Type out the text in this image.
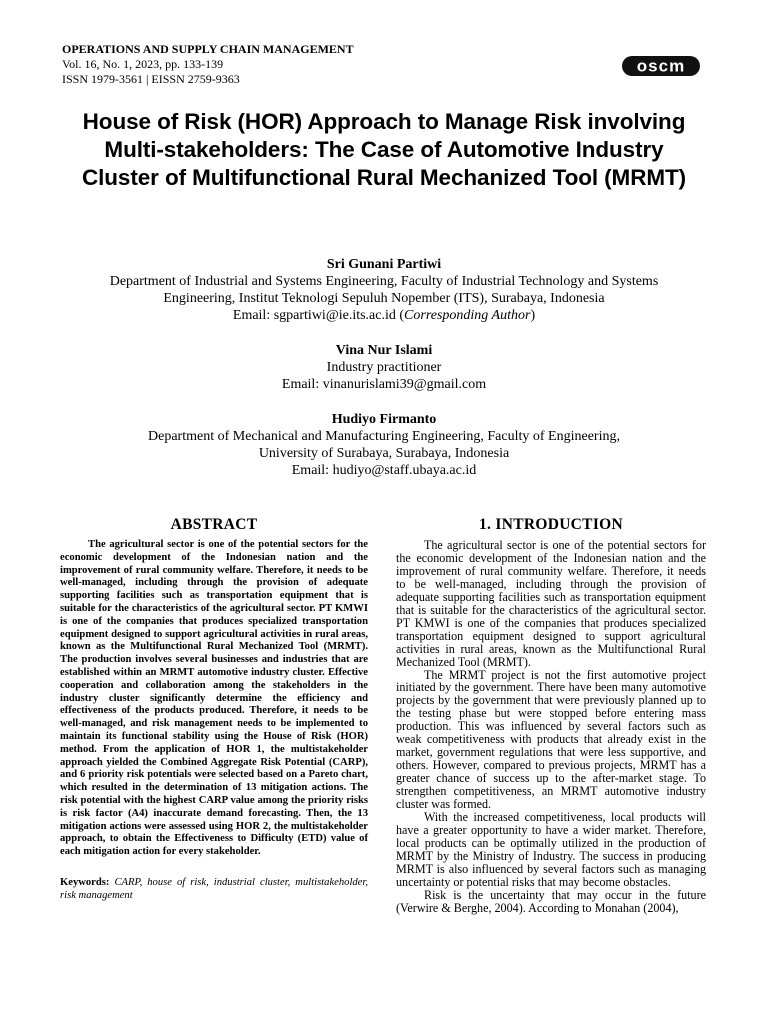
OPERATIONS AND SUPPLY CHAIN MANAGEMENT
Vol. 16, No. 1, 2023, pp. 133-139
ISSN 1979-3561 | EISSN 2759-9363
oscm
House of Risk (HOR) Approach to Manage Risk involving Multi-stakeholders: The Case of Automotive Industry Cluster of Multifunctional Rural Mechanized Tool (MRMT)
Sri Gunani Partiwi
Department of Industrial and Systems Engineering, Faculty of Industrial Technology and Systems
Engineering, Institut Teknologi Sepuluh Nopember (ITS), Surabaya, Indonesia
Email: sgpartiwi@ie.its.ac.id (Corresponding Author)
Vina Nur Islami
Industry practitioner
Email: vinanurislami39@gmail.com
Hudiyo Firmanto
Department of Mechanical and Manufacturing Engineering, Faculty of Engineering,
University of Surabaya, Surabaya, Indonesia
Email: hudiyo@staff.ubaya.ac.id
ABSTRACT

The agricultural sector is one of the potential sectors for the economic development of the Indonesian nation and the improvement of rural community welfare. Therefore, it needs to be well-managed, including through the provision of adequate supporting facilities such as transportation equipment that is suitable for the characteristics of the agricultural sector. PT KMWI is one of the companies that produces specialized transportation equipment designed to support agricultural activities in rural areas, known as the Multifunctional Rural Mechanized Tool (MRMT). The production involves several businesses and industries that are established within an MRMT automotive industry cluster. Effective cooperation and collaboration among the stakeholders in the industry cluster significantly determine the efficiency and effectiveness of the products produced. Therefore, it needs to be well-managed, and risk management needs to be implemented to maintain its functional stability using the House of Risk (HOR) method. From the application of HOR 1, the multistakeholder approach yielded the Combined Aggregate Risk Potential (CARP), and 6 priority risk potentials were selected based on a Pareto chart, which resulted in the determination of 13 mitigation actions. The risk potential with the highest CARP value among the priority risks is risk factor (A4) inaccurate demand forecasting. Then, the 13 mitigation actions were assessed using HOR 2, the multistakeholder approach, to obtain the Effectiveness to Difficulty (ETD) value of each mitigation action for every stakeholder.

Keywords: CARP, house of risk, industrial cluster, multistakeholder, risk management
1. INTRODUCTION

The agricultural sector is one of the potential sectors for the economic development of the Indonesian nation and the improvement of rural community welfare. Therefore, it needs to be well-managed, including through the provision of adequate supporting facilities such as transportation equipment that is suitable for the characteristics of the agricultural sector. PT KMWI is one of the companies that produces specialized transportation equipment designed to support agricultural activities in rural areas, known as the Multifunctional Rural Mechanized Tool (MRMT).

The MRMT project is not the first automotive project initiated by the government. There have been many automotive projects by the government that were previously planned up to the testing phase but were stopped before entering mass production. This was influenced by several factors such as weak competitiveness with products that already exist in the market, government regulations that were less supportive, and others. However, compared to previous projects, MRMT has a greater chance of success up to the after-market stage. To strengthen competitiveness, an MRMT automotive industry cluster was formed.

With the increased competitiveness, local products will have a greater opportunity to have a wider market. Therefore, local products can be optimally utilized in the production of MRMT by the Ministry of Industry. The success in producing MRMT is also influenced by several factors such as managing uncertainty or potential risks that may become obstacles.

Risk is the uncertainty that may occur in the future (Verwire & Berghe, 2004). According to Monahan (2004),
